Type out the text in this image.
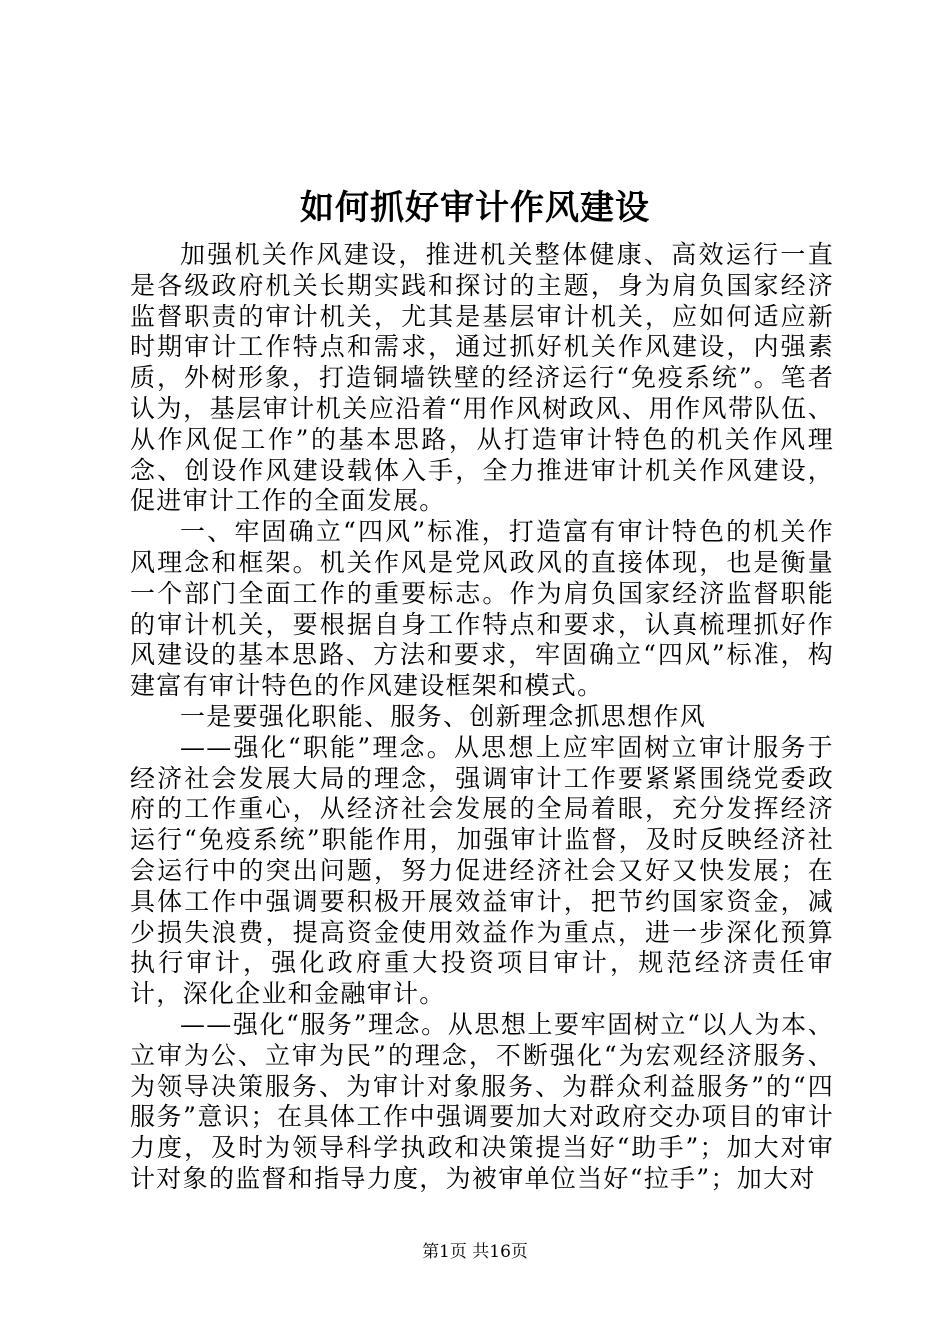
如何抓好审计作风建设

加强机关作风建设，推进机关整体健康、高效运行一直是各级政府机关长期实践和探讨的主题，身为肩负国家经济监督职责的审计机关，尤其是基层审计机关，应如何适应新时期审计工作特点和需求，通过抓好机关作风建设，内强素质，外树形象，打造铜墙铁壁的经济运行“免疫系统”。笔者认为，基层审计机关应沿着“用作风树政风、用作风带队伍、从作风促工作”的基本思路，从打造审计特色的机关作风理念、创设作风建设载体入手，全力推进审计机关作风建设，促进审计工作的全面发展。

一、牢固确立“四风”标准，打造富有审计特色的机关作风理念和框架。机关作风是党风政风的直接体现，也是衡量一个部门全面工作的重要标志。作为肩负国家经济监督职能的审计机关，要根据自身工作特点和要求，认真梳理抓好作风建设的基本思路、方法和要求，牢固确立“四风”标准，构建富有审计特色的作风建设框架和模式。

一是要强化职能、服务、创新理念抓思想作风

——强化“职能”理念。从思想上应牢固树立审计服务于经济社会发展大局的理念，强调审计工作要紧紧围绕党委政府的工作重心，从经济社会发展的全局着眼，充分发挥经济运行“免疫系统”职能作用，加强审计监督，及时反映经济社会运行中的突出问题，努力促进经济社会又好又快发展；在具体工作中强调要积极开展效益审计，把节约国家资金，减少损失浪费，提高资金使用效益作为重点，进一步深化预算执行审计，强化政府重大投资项目审计，规范经济责任审计，深化企业和金融审计。

——强化“服务”理念。从思想上要牢固树立“以人为本、立审为公、立审为民”的理念，不断强化“为宏观经济服务、为领导决策服务、为审计对象服务、为群众利益服务”的“四服务”意识；在具体工作中强调要加大对政府交办项目的审计力度，及时为领导科学执政和决策提当好“助手”；加大对审计对象的监督和指导力度，为被审单位当好“拉手”；加大对

第1页 共16页
